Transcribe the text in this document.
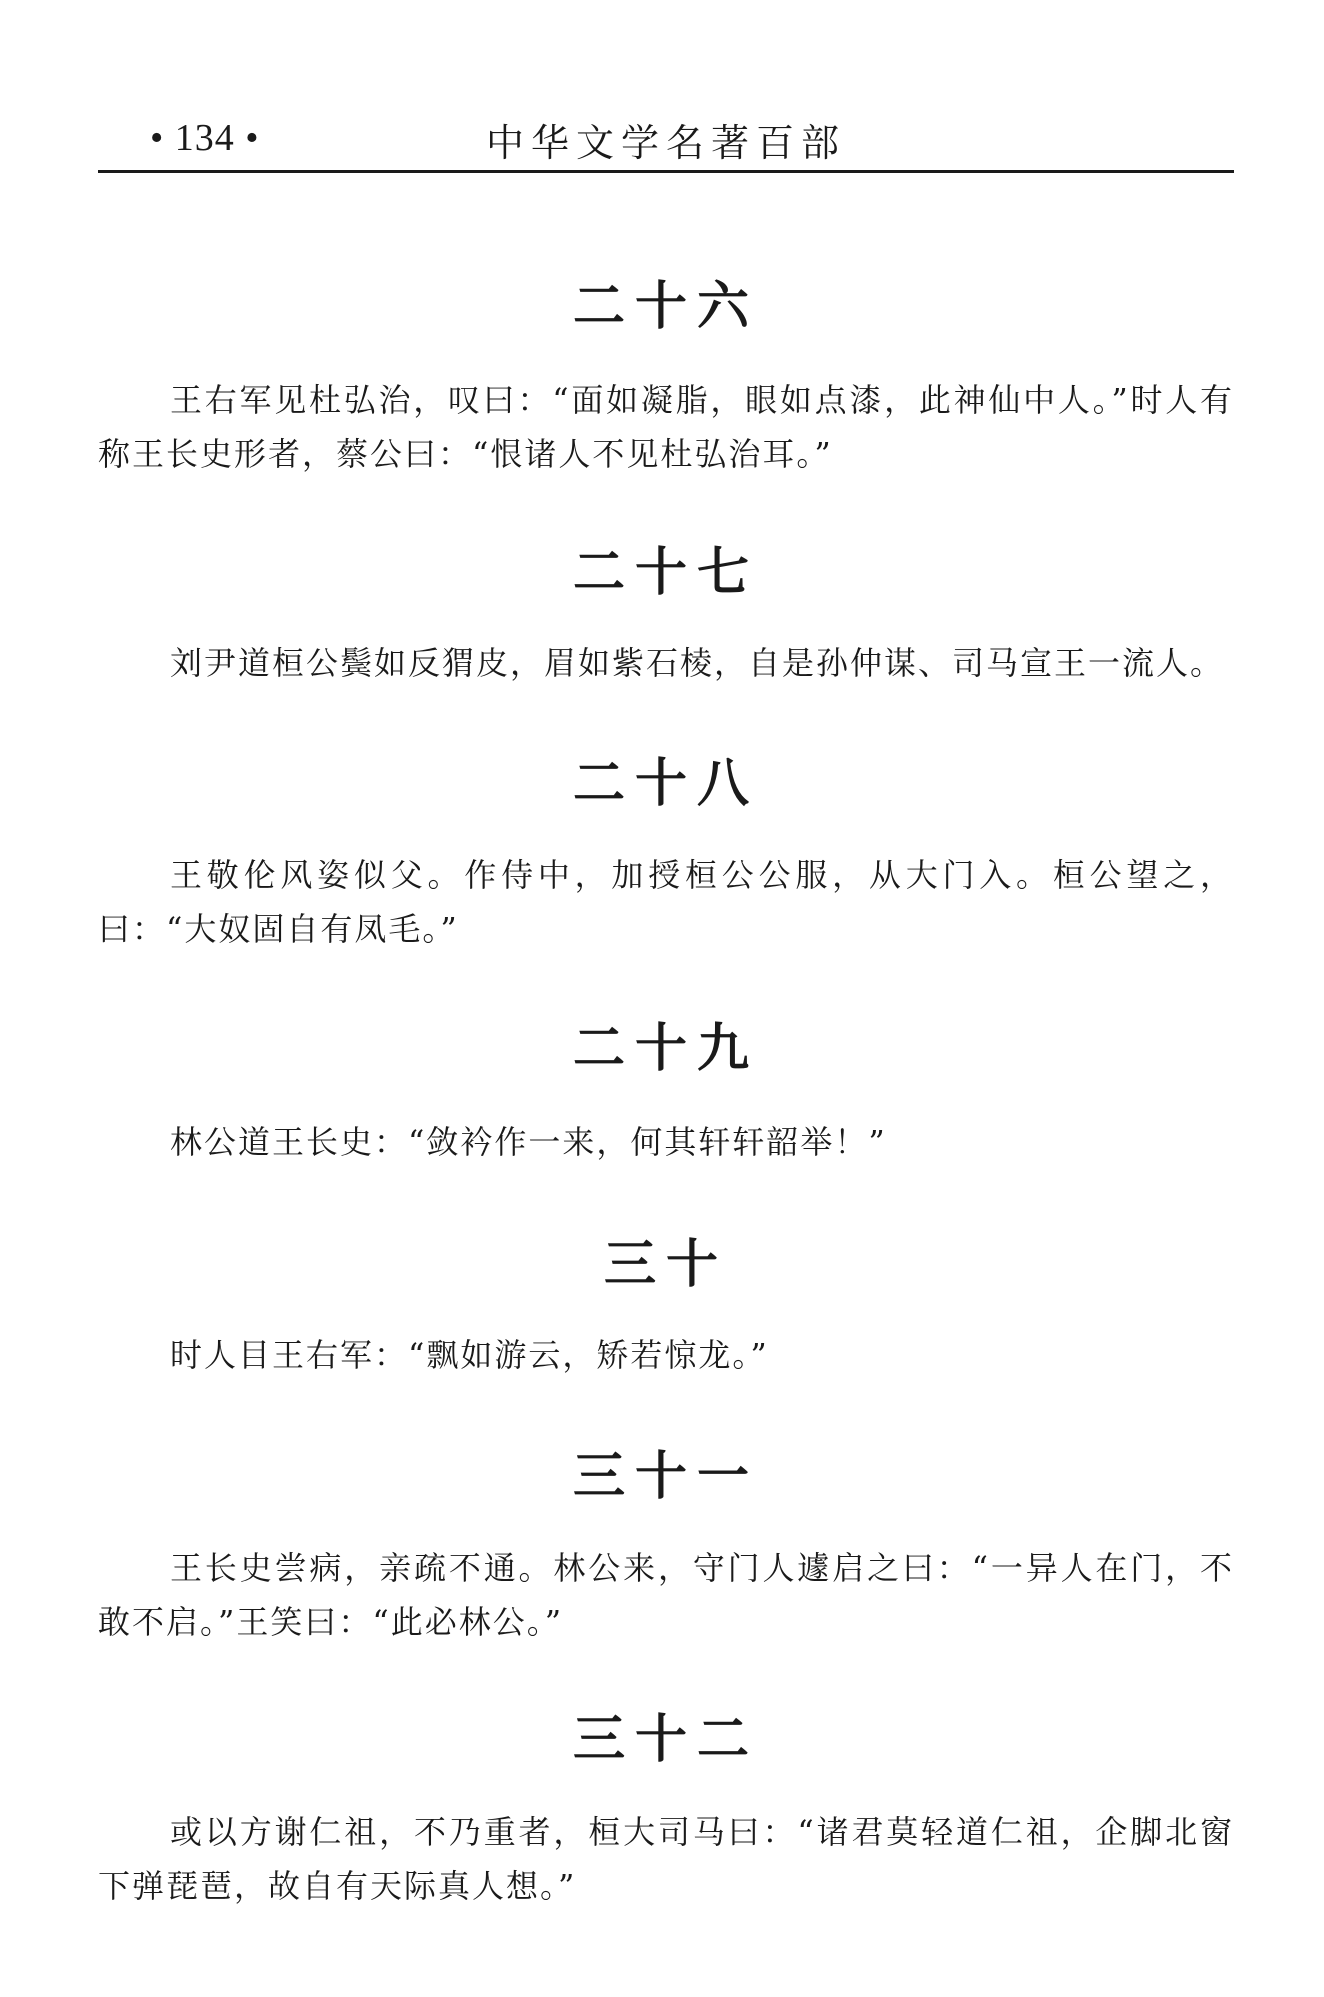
• 134 •	中华文学名著百部
二十六

王右军见杜弘治，叹曰：“面如凝脂，眼如点漆，此神仙中人。”时人有称王长史形者，蔡公曰：“恨诸人不见杜弘治耳。”

二十七

刘尹道桓公鬓如反猬皮，眉如紫石棱，自是孙仲谋、司马宣王一流人。

二十八

王敬伦风姿似父。作侍中，加授桓公公服，从大门入。桓公望之，曰：“大奴固自有凤毛。”

二十九

林公道王长史：“敛衿作一来，何其轩轩韶举！”

三十

时人目王右军：“飘如游云，矫若惊龙。”

三十一

王长史尝病，亲疏不通。林公来，守门人遽启之曰：“一异人在门，不敢不启。”王笑曰：“此必林公。”

三十二

或以方谢仁祖，不乃重者，桓大司马曰：“诸君莫轻道仁祖，企脚北窗下弹琵琶，故自有天际真人想。”
